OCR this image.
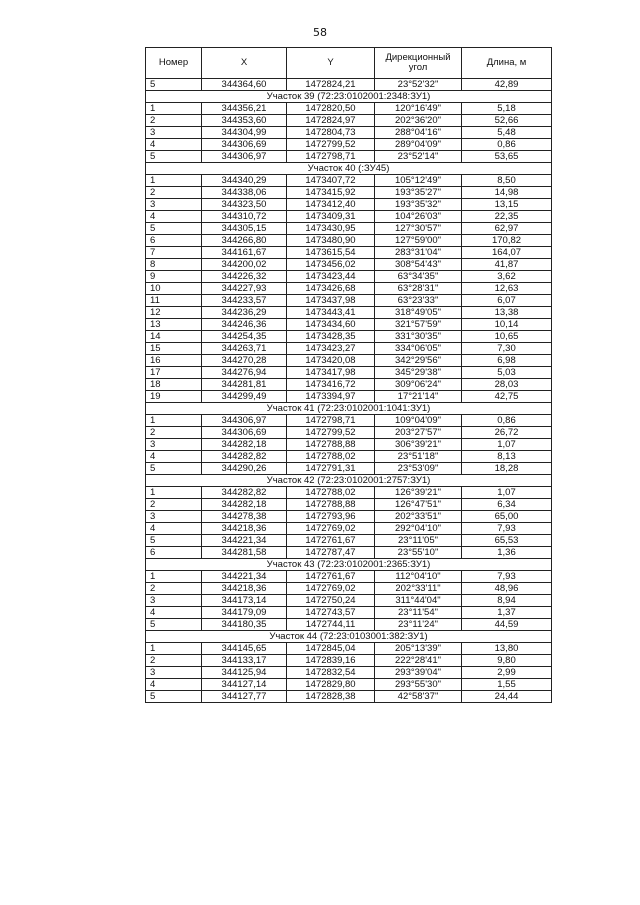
58
Номер	X	Y	Дирекционный угол	Длина, м
5	344364,60	1472824,21	23°52'32"	42,89
Участок 39 (72:23:0102001:2348:ЗУ1)				
1	344356,21	1472820,50	120°16'49"	5,18
2	344353,60	1472824,97	202°36'20"	52,66
3	344304,99	1472804,73	288°04'16"	5,48
4	344306,69	1472799,52	289°04'09"	0,86
5	344306,97	1472798,71	23°52'14"	53,65
Участок 40 (:ЗУ45)				
1	344340,29	1473407,72	105°12'49"	8,50
2	344338,06	1473415,92	193°35'27"	14,98
3	344323,50	1473412,40	193°35'32"	13,15
4	344310,72	1473409,31	104°26'03"	22,35
5	344305,15	1473430,95	127°30'57"	62,97
6	344266,80	1473480,90	127°59'00"	170,82
7	344161,67	1473615,54	283°31'04"	164,07
8	344200,02	1473456,02	308°54'43"	41,87
9	344226,32	1473423,44	63°34'35"	3,62
10	344227,93	1473426,68	63°28'31"	12,63
11	344233,57	1473437,98	63°23'33"	6,07
12	344236,29	1473443,41	318°49'05"	13,38
13	344246,36	1473434,60	321°57'59"	10,14
14	344254,35	1473428,35	331°30'35"	10,65
15	344263,71	1473423,27	334°06'05"	7,30
16	344270,28	1473420,08	342°29'56"	6,98
17	344276,94	1473417,98	345°29'38"	5,03
18	344281,81	1473416,72	309°06'24"	28,03
19	344299,49	1473394,97	17°21'14"	42,75
Участок 41 (72:23:0102001:1041:ЗУ1)				
1	344306,97	1472798,71	109°04'09"	0,86
2	344306,69	1472799,52	203°27'57"	26,72
3	344282,18	1472788,88	306°39'21"	1,07
4	344282,82	1472788,02	23°51'18"	8,13
5	344290,26	1472791,31	23°53'09"	18,28
Участок 42 (72:23:0102001:2757:ЗУ1)				
1	344282,82	1472788,02	126°39'21"	1,07
2	344282,18	1472788,88	126°47'51"	6,34
3	344278,38	1472793,96	202°33'51"	65,00
4	344218,36	1472769,02	292°04'10"	7,93
5	344221,34	1472761,67	23°11'05"	65,53
6	344281,58	1472787,47	23°55'10"	1,36
Участок 43 (72:23:0102001:2365:ЗУ1)				
1	344221,34	1472761,67	112°04'10"	7,93
2	344218,36	1472769,02	202°33'11"	48,96
3	344173,14	1472750,24	311°44'04"	8,94
4	344179,09	1472743,57	23°11'54"	1,37
5	344180,35	1472744,11	23°11'24"	44,59
Участок 44 (72:23:0103001:382:ЗУ1)				
1	344145,65	1472845,04	205°13'39"	13,80
2	344133,17	1472839,16	222°28'41"	9,80
3	344125,94	1472832,54	293°39'04"	2,99
4	344127,14	1472829,80	293°55'30"	1,55
5	344127,77	1472828,38	42°58'37"	24,44
